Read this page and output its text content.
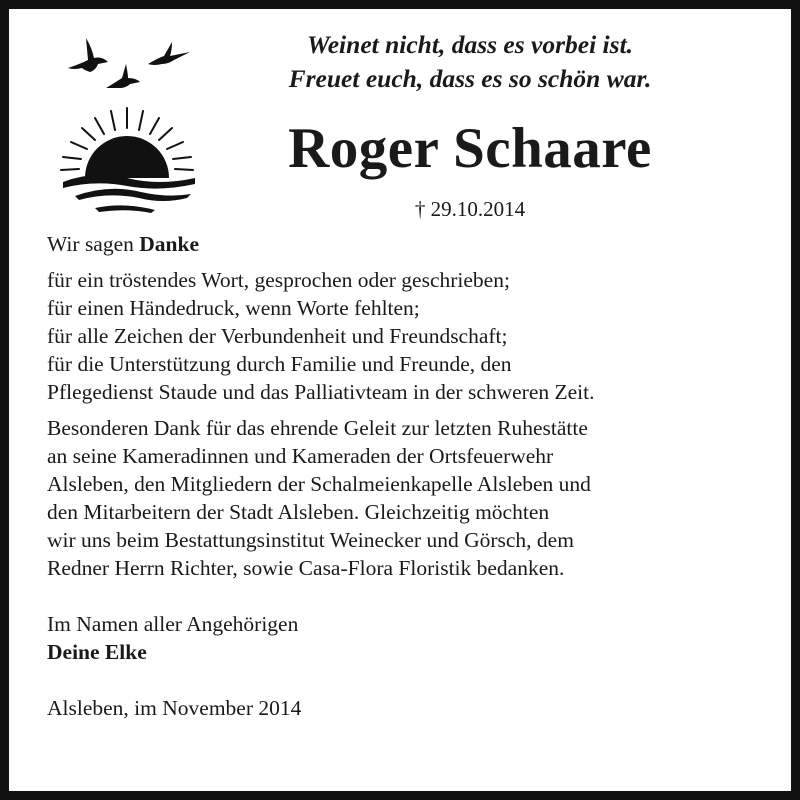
Weinet nicht, dass es vorbei ist.
Freuet euch, dass es so schön war.
Roger Schaare
† 29.10.2014
Wir sagen Danke
für ein tröstendes Wort, gesprochen oder geschrieben;
für einen Händedruck, wenn Worte fehlten;
für alle Zeichen der Verbundenheit und Freundschaft;
für die Unterstützung durch Familie und Freunde, den
Pflegedienst Staude und das Palliativteam in der schweren Zeit.
Besonderen Dank für das ehrende Geleit zur letzten Ruhestätte
an seine Kameradinnen und Kameraden der Ortsfeuerwehr
Alsleben, den Mitgliedern der Schalmeienkapelle Alsleben und
den Mitarbeitern der Stadt Alsleben. Gleichzeitig möchten
wir uns beim Bestattungsinstitut Weinecker und Görsch, dem
Redner Herrn Richter, sowie Casa-Flora Floristik bedanken.
Im Namen aller Angehörigen
Deine Elke
Alsleben, im November 2014
